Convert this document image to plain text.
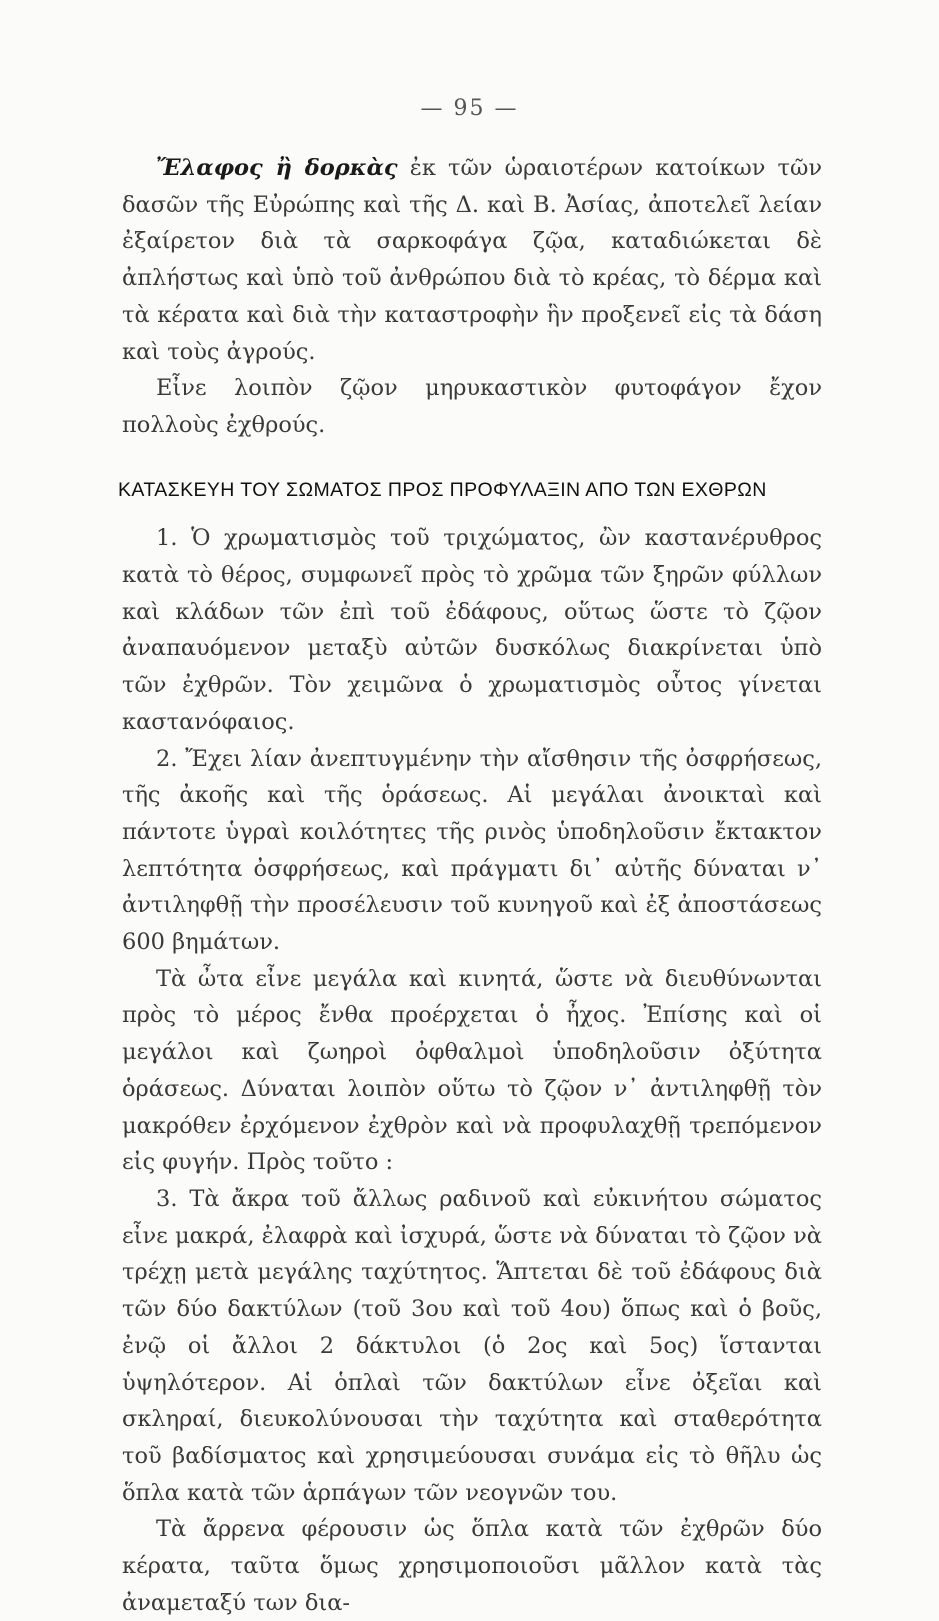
— 95 —

Ἔλαφος ἢ δορκὰς ἐκ τῶν ὡραιοτέρων κατοίκων τῶν δασῶν τῆς Εὐρώπης καὶ τῆς Δ. καὶ Β. Ἀσίας, ἀποτελεῖ λείαν ἐξαίρετον διὰ τὰ σαρκοφάγα ζῷα, καταδιώκεται δὲ ἀπλήστως καὶ ὑπὸ τοῦ ἀνθρώπου διὰ τὸ κρέας, τὸ δέρμα καὶ τὰ κέρατα καὶ διὰ τὴν καταστροφὴν ἣν προξενεῖ εἰς τὰ δάση καὶ τοὺς ἀγρούς.

Εἶνε λοιπὸν ζῷον μηρυκαστικὸν φυτοφάγον ἔχον πολλοὺς ἐχθρούς.

ΚΑΤΑΣΚΕΥΗ ΤΟΥ ΣΩΜΑΤΟΣ ΠΡΟΣ ΠΡΟΦΥΛΑΞΙΝ ΑΠΟ ΤΩΝ ΕΧΘΡΩΝ

1. Ὁ χρωματισμὸς τοῦ τριχώματος, ὢν καστανέρυθρος κατὰ τὸ θέρος, συμφωνεῖ πρὸς τὸ χρῶμα τῶν ξηρῶν φύλλων καὶ κλάδων τῶν ἐπὶ τοῦ ἐδάφους, οὕτως ὥστε τὸ ζῷον ἀναπαυόμενον μεταξὺ αὐτῶν δυσκόλως διακρίνεται ὑπὸ τῶν ἐχθρῶν. Τὸν χειμῶνα ὁ χρωματισμὸς οὗτος γίνεται καστανόφαιος.

2. Ἔχει λίαν ἀνεπτυγμένην τὴν αἴσθησιν τῆς ὀσφρήσεως, τῆς ἀκοῆς καὶ τῆς ὁράσεως. Αἱ μεγάλαι ἀνοικταὶ καὶ πάντοτε ὑγραὶ κοιλότητες τῆς ρινὸς ὑποδηλοῦσιν ἔκτακτον λεπτότητα ὀσφρήσεως, καὶ πράγματι δι᾽ αὐτῆς δύναται ν᾽ ἀντιληφθῇ τὴν προσέλευσιν τοῦ κυνηγοῦ καὶ ἐξ ἀποστάσεως 600 βημάτων.

Τὰ ὦτα εἶνε μεγάλα καὶ κινητά, ὥστε νὰ διευθύνωνται πρὸς τὸ μέρος ἔνθα προέρχεται ὁ ἦχος. Ἐπίσης καὶ οἱ μεγάλοι καὶ ζωηροὶ ὀφθαλμοὶ ὑποδηλοῦσιν ὀξύτητα ὁράσεως. Δύναται λοιπὸν οὕτω τὸ ζῷον ν᾽ ἀντιληφθῇ τὸν μακρόθεν ἐρχόμενον ἐχθρὸν καὶ νὰ προφυλαχθῇ τρεπόμενον εἰς φυγήν. Πρὸς τοῦτο :

3. Τὰ ἄκρα τοῦ ἄλλως ραδινοῦ καὶ εὐκινήτου σώματος εἶνε μακρά, ἐλαφρὰ καὶ ἰσχυρά, ὥστε νὰ δύναται τὸ ζῷον νὰ τρέχῃ μετὰ μεγάλης ταχύτητος. Ἅπτεται δὲ τοῦ ἐδάφους διὰ τῶν δύο δακτύλων (τοῦ 3ου καὶ τοῦ 4ου) ὅπως καὶ ὁ βοῦς, ἐνῷ οἱ ἄλλοι 2 δάκτυλοι (ὁ 2ος καὶ 5ος) ἵστανται ὑψηλότερον. Αἱ ὁπλαὶ τῶν δακτύλων εἶνε ὀξεῖαι καὶ σκληραί, διευκολύνουσαι τὴν ταχύτητα καὶ σταθερότητα τοῦ βαδίσματος καὶ χρησιμεύουσαι συνάμα εἰς τὸ θῆλυ ὡς ὅπλα κατὰ τῶν ἁρπάγων τῶν νεογνῶν του.

Τὰ ἄρρενα φέρουσιν ὡς ὅπλα κατὰ τῶν ἐχθρῶν δύο κέρατα, ταῦτα ὅμως χρησιμοποιοῦσι μᾶλλον κατὰ τὰς ἀναμεταξύ των δια-
